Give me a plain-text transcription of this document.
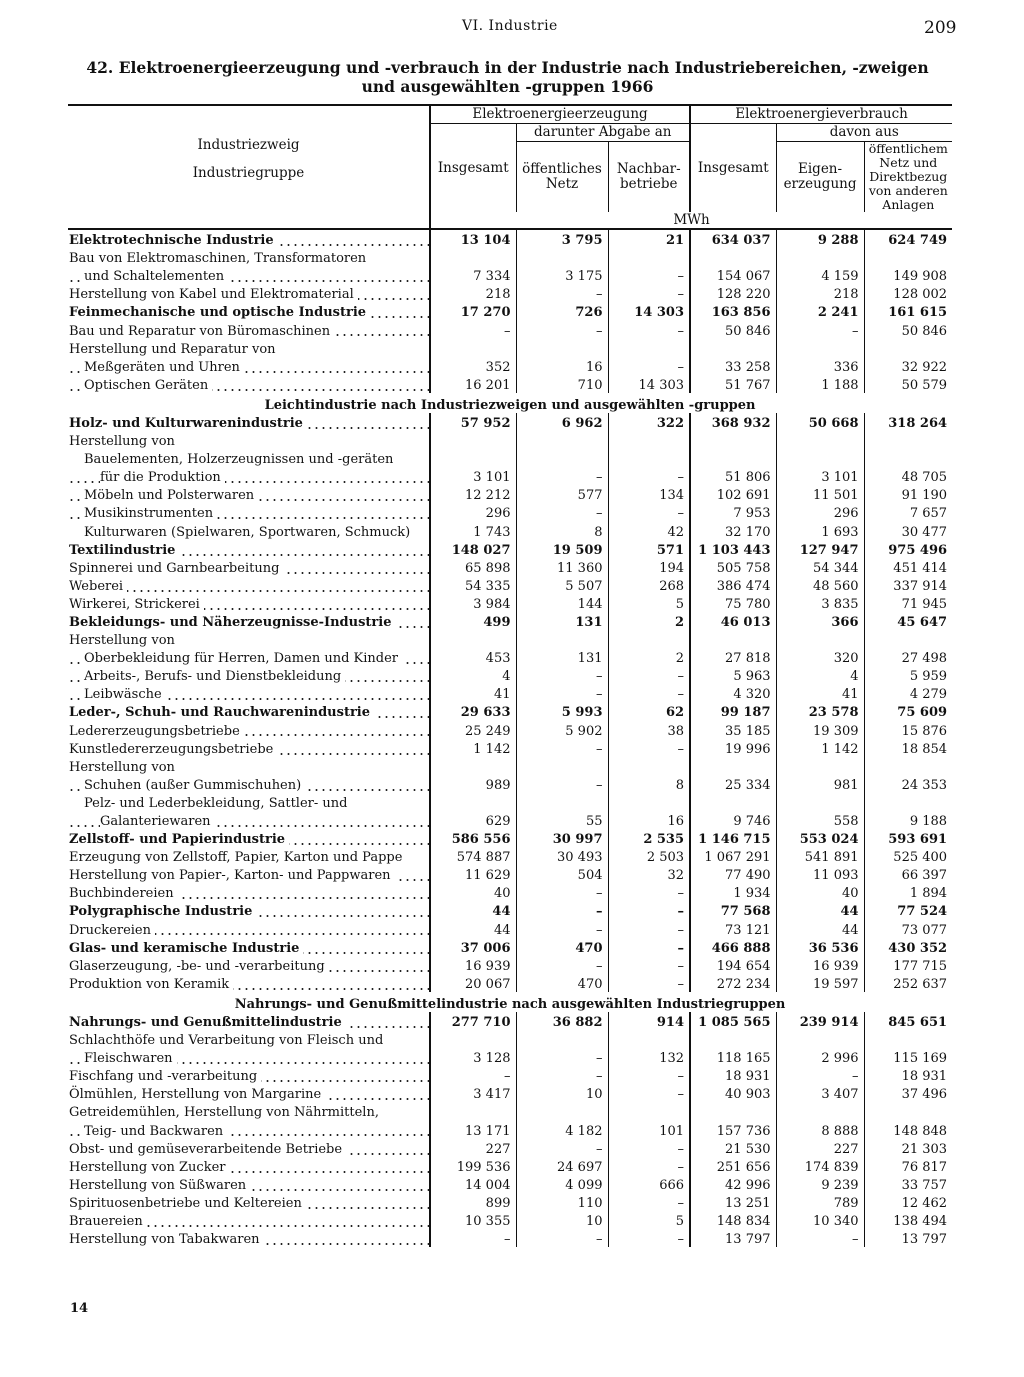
VI. Industrie	209
42. Elektroenergieerzeugung und -verbrauch in der Industrie nach Industriebereichen, -zweigen und ausgewählten -gruppen 1966
Industriezweig
Industriegruppe	Elektroenergieerzeugung			Elektroenergieverbrauch		
	Insgesamt	darunter Abgabe an		Insgesamt	davon aus	
		öffentliches Netz	Nachbar-betriebe		Eigen-erzeugung	öffentlichem Netz und Direktbezug von anderen Anlagen
	MWh					
Elektrotechnische Industrie	13 104	3 795	21	634 037	9 288	624 749
Bau von Elektromaschinen, Transformatoren						
und Schaltelementen	7 334	3 175	–	154 067	4 159	149 908
Herstellung von Kabel und Elektromaterial	218	–	–	128 220	218	128 002
Feinmechanische und optische Industrie	17 270	726	14 303	163 856	2 241	161 615
Bau und Reparatur von Büromaschinen	–	–	–	50 846	–	50 846
Herstellung und Reparatur von						
Meßgeräten und Uhren	352	16	–	33 258	336	32 922
Optischen Geräten	16 201	710	14 303	51 767	1 188	50 579
Leichtindustrie nach Industriezweigen und ausgewählten -gruppen						
Holz- und Kulturwarenindustrie	57 952	6 962	322	368 932	50 668	318 264
Herstellung von						
Bauelementen, Holzerzeugnissen und -geräten						
für die Produktion	3 101	–	–	51 806	3 101	48 705
Möbeln und Polsterwaren	12 212	577	134	102 691	11 501	91 190
Musikinstrumenten	296	–	–	7 953	296	7 657
Kulturwaren (Spielwaren, Sportwaren, Schmuck)	1 743	8	42	32 170	1 693	30 477
Textilindustrie	148 027	19 509	571	1 103 443	127 947	975 496
Spinnerei und Garnbearbeitung	65 898	11 360	194	505 758	54 344	451 414
Weberei	54 335	5 507	268	386 474	48 560	337 914
Wirkerei, Strickerei	3 984	144	5	75 780	3 835	71 945
Bekleidungs- und Näherzeugnisse-Industrie	499	131	2	46 013	366	45 647
Herstellung von						
Oberbekleidung für Herren, Damen und Kinder	453	131	2	27 818	320	27 498
Arbeits-, Berufs- und Dienstbekleidung	4	–	–	5 963	4	5 959
Leibwäsche	41	–	–	4 320	41	4 279
Leder-, Schuh- und Rauchwarenindustrie	29 633	5 993	62	99 187	23 578	75 609
Ledererzeugungsbetriebe	25 249	5 902	38	35 185	19 309	15 876
Kunstledererzeugungsbetriebe	1 142	–	–	19 996	1 142	18 854
Herstellung von						
Schuhen (außer Gummischuhen)	989	–	8	25 334	981	24 353
Pelz- und Lederbekleidung, Sattler- und						
Galanteriewaren	629	55	16	9 746	558	9 188
Zellstoff- und Papierindustrie	586 556	30 997	2 535	1 146 715	553 024	593 691
Erzeugung von Zellstoff, Papier, Karton und Pappe	574 887	30 493	2 503	1 067 291	541 891	525 400
Herstellung von Papier-, Karton- und Pappwaren	11 629	504	32	77 490	11 093	66 397
Buchbindereien	40	–	–	1 934	40	1 894
Polygraphische Industrie	44	–	–	77 568	44	77 524
Druckereien	44	–	–	73 121	44	73 077
Glas- und keramische Industrie	37 006	470	–	466 888	36 536	430 352
Glaserzeugung, -be- und -verarbeitung	16 939	–	–	194 654	16 939	177 715
Produktion von Keramik	20 067	470	–	272 234	19 597	252 637
Nahrungs- und Genußmittelindustrie nach ausgewählten Industriegruppen						
Nahrungs- und Genußmittelindustrie	277 710	36 882	914	1 085 565	239 914	845 651
Schlachthöfe und Verarbeitung von Fleisch und						
Fleischwaren	3 128	–	132	118 165	2 996	115 169
Fischfang und -verarbeitung	–	–	–	18 931	–	18 931
Ölmühlen, Herstellung von Margarine	3 417	10	–	40 903	3 407	37 496
Getreidemühlen, Herstellung von Nährmitteln,						
Teig- und Backwaren	13 171	4 182	101	157 736	8 888	148 848
Obst- und gemüseverarbeitende Betriebe	227	–	–	21 530	227	21 303
Herstellung von Zucker	199 536	24 697	–	251 656	174 839	76 817
Herstellung von Süßwaren	14 004	4 099	666	42 996	9 239	33 757
Spirituosenbetriebe und Keltereien	899	110	–	13 251	789	12 462
Brauereien	10 355	10	5	148 834	10 340	138 494
Herstellung von Tabakwaren	–	–	–	13 797	–	13 797
14
